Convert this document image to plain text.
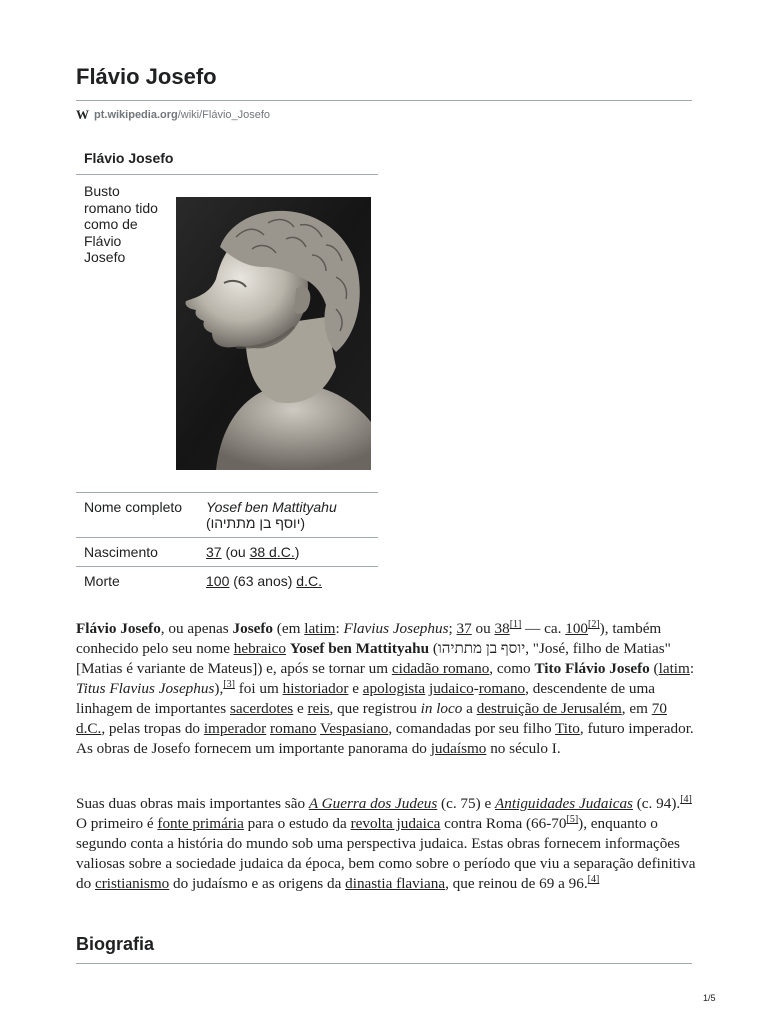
Flávio Josefo
W pt.wikipedia.org/wiki/Flávio_Josefo
Flávio Josefo
Busto romano tido como de Flávio Josefo
Nome completo	Yosef ben Mattityahu
(יוסף בן מתתיהו)
Nascimento	37 (ou 38 d.C.)
Morte	100 (63 anos) d.C.

Flávio Josefo, ou apenas Josefo (em latim: Flavius Josephus; 37 ou 38[1] — ca. 100[2]), também conhecido pelo seu nome hebraico Yosef ben Mattityahu (יוסף בן מתתיהו, "José, filho de Matias" [Matias é variante de Mateus]) e, após se tornar um cidadão romano, como Tito Flávio Josefo (latim: Titus Flavius Josephus),[3] foi um historiador e apologista judaico-romano, descendente de uma linhagem de importantes sacerdotes e reis, que registrou in loco a destruição de Jerusalém, em 70 d.C., pelas tropas do imperador romano Vespasiano, comandadas por seu filho Tito, futuro imperador. As obras de Josefo fornecem um importante panorama do judaísmo no século I.

Suas duas obras mais importantes são A Guerra dos Judeus (c. 75) e Antiguidades Judaicas (c. 94).[4] O primeiro é fonte primária para o estudo da revolta judaica contra Roma (66-70[5]), enquanto o segundo conta a história do mundo sob uma perspectiva judaica. Estas obras fornecem informações valiosas sobre a sociedade judaica da época, bem como sobre o período que viu a separação definitiva do cristianismo do judaísmo e as origens da dinastia flaviana, que reinou de 69 a 96.[4]

Biografia
1/5
